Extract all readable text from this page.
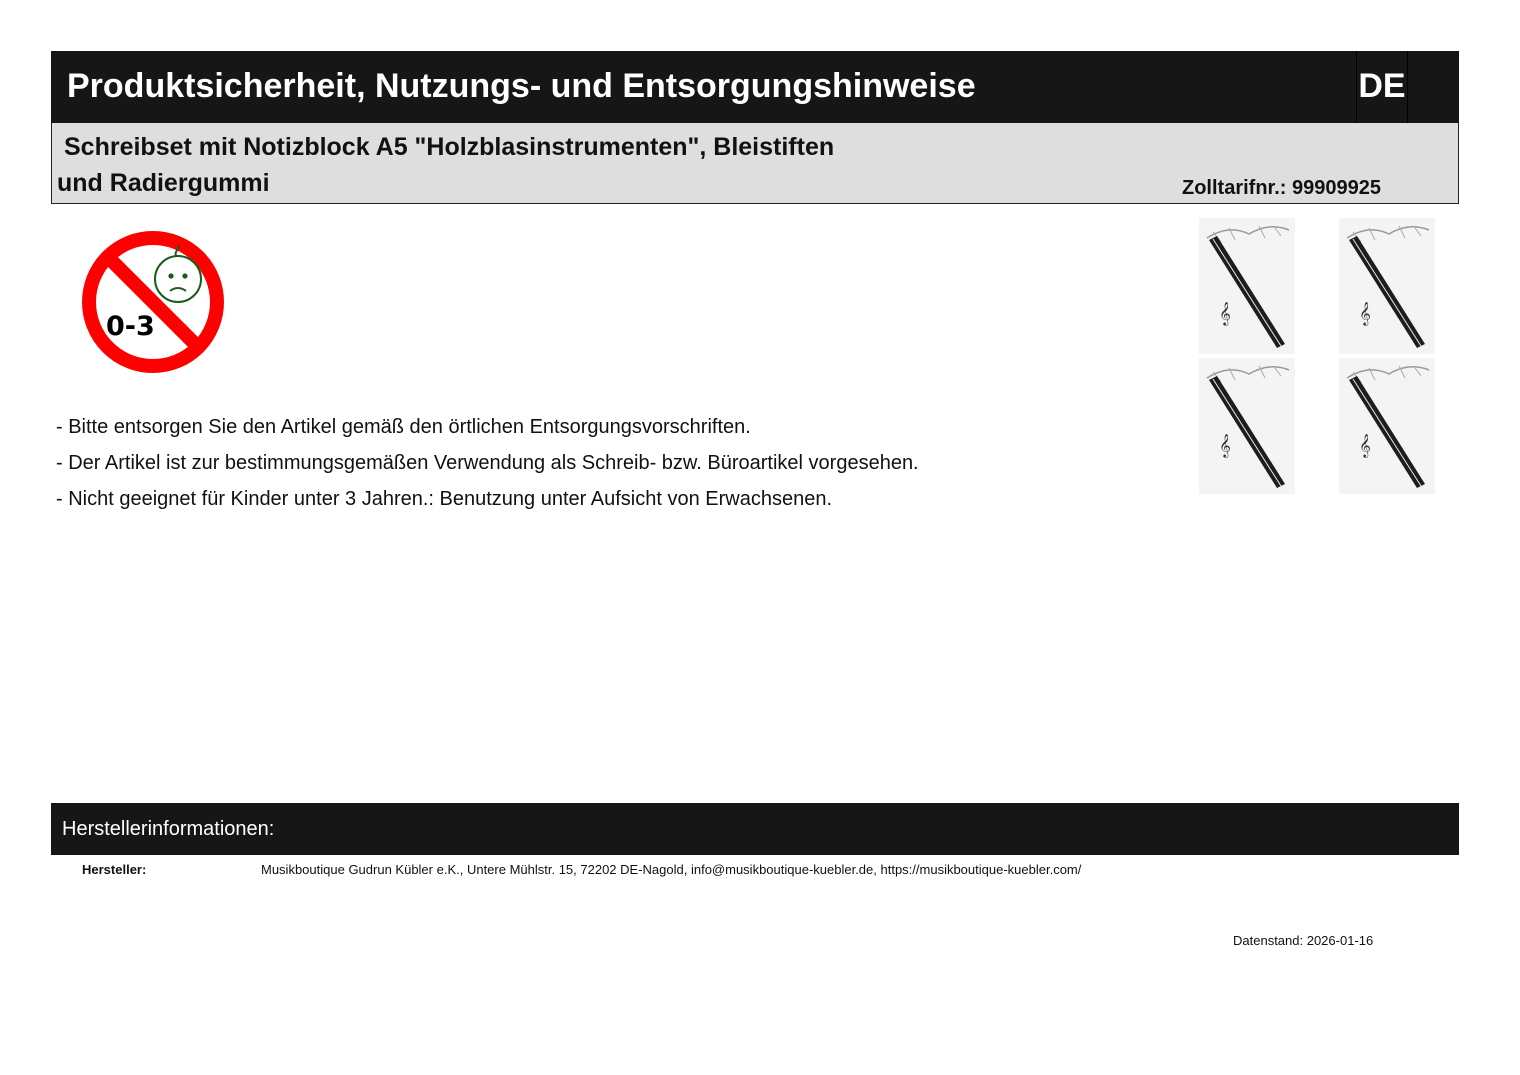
Produktsicherheit, Nutzungs- und Entsorgungshinweise	DE
Schreibset mit Notizblock A5 "Holzblasinstrumenten", Bleistiften
und Radiergummi	Zolltarifnr.: 99909925
0-3
- Bitte entsorgen Sie den Artikel gemäß den örtlichen Entsorgungsvorschriften.
- Der Artikel ist zur bestimmungsgemäßen Verwendung als Schreib- bzw. Büroartikel vorgesehen.
- Nicht geeignet für Kinder unter 3 Jahren.: Benutzung unter Aufsicht von Erwachsenen.
𝄞	𝄞
𝄞	𝄞
Herstellerinformationen:
Hersteller:	Musikboutique Gudrun Kübler e.K., Untere Mühlstr. 15, 72202 DE-Nagold, info@musikboutique-kuebler.de, https://musikboutique-kuebler.com/
Datenstand: 2026-01-16
